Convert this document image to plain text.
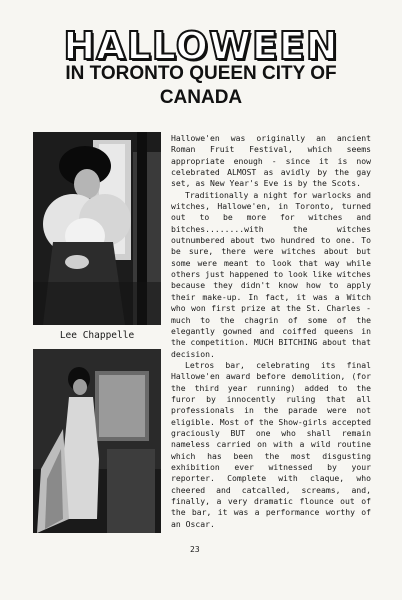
HALLOWEEN
IN TORONTO QUEEN CITY OF
CANADA
Lee Chappelle

Hallowe'en was originally an ancient Roman Fruit Festival, which seems appropriate enough - since it is now celebrated ALMOST as avidly by the gay set, as New Year's Eve is by the Scots.

Traditionally a night for warlocks and witches, Hallowe'en, in Toronto, turned out to be more for witches and bitches........with the witches outnumbered about two hundred to one. To be sure, there were witches about but some were meant to look that way while others just happened to look like witches because they didn't know how to apply their make-up. In fact, it was a Witch who won first prize at the St. Charles - much to the chagrin of some of the elegantly gowned and coiffed queens in the competition. MUCH BITCHING about that decision.

Letros bar, celebrating its final Hallowe'en award before demolition, (for the third year running) added to the furor by innocently ruling that all professionals in the parade were not eligible. Most of the Show-girls accepted graciously BUT one who shall remain nameless carried on with a wild routine which has been the most disgusting exhibition ever witnessed by your reporter. Complete with claque, who cheered and catcalled, screams, and, finally, a very dramatic flounce out of the bar, it was a performance worthy of an Oscar.

23
